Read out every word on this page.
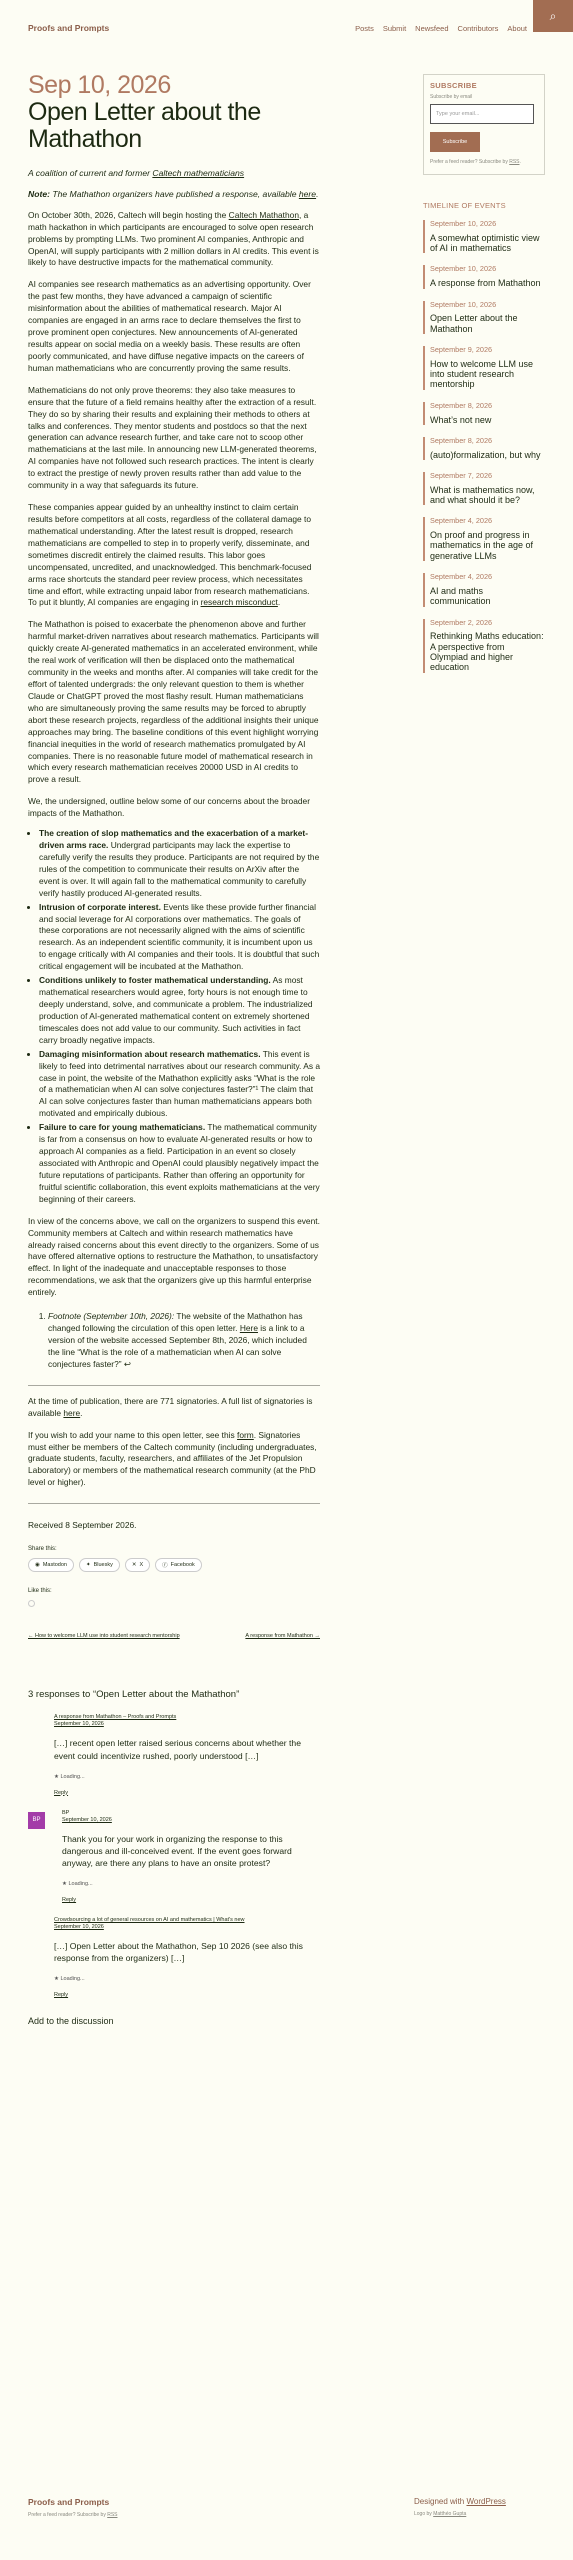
Proofs and Prompts	Posts Submit Newsfeed Contributors About
⌕
Sep 10, 2026
Open Letter about the Mathathon

A coalition of current and former Caltech mathematicians

Note: The Mathathon organizers have published a response, available here.

On October 30th, 2026, Caltech will begin hosting the Caltech Mathathon, a math hackathon in which participants are encouraged to solve open research problems by prompting LLMs. Two prominent AI companies, Anthropic and OpenAI, will supply participants with 2 million dollars in AI credits. This event is likely to have destructive impacts for the mathematical community.

AI companies see research mathematics as an advertising opportunity. Over the past few months, they have advanced a campaign of scientific misinformation about the abilities of mathematical research. Major AI companies are engaged in an arms race to declare themselves the first to prove prominent open conjectures. New announcements of AI-generated results appear on social media on a weekly basis. These results are often poorly communicated, and have diffuse negative impacts on the careers of human mathematicians who are concurrently proving the same results.

Mathematicians do not only prove theorems: they also take measures to ensure that the future of a field remains healthy after the extraction of a result. They do so by sharing their results and explaining their methods to others at talks and conferences. They mentor students and postdocs so that the next generation can advance research further, and take care not to scoop other mathematicians at the last mile. In announcing new LLM-generated theorems, AI companies have not followed such research practices. The intent is clearly to extract the prestige of newly proven results rather than add value to the community in a way that safeguards its future.

These companies appear guided by an unhealthy instinct to claim certain results before competitors at all costs, regardless of the collateral damage to mathematical understanding. After the latest result is dropped, research mathematicians are compelled to step in to properly verify, disseminate, and sometimes discredit entirely the claimed results. This labor goes uncompensated, uncredited, and unacknowledged. This benchmark-focused arms race shortcuts the standard peer review process, which necessitates time and effort, while extracting unpaid labor from research mathematicians. To put it bluntly, AI companies are engaging in research misconduct.

The Mathathon is poised to exacerbate the phenomenon above and further harmful market-driven narratives about research mathematics. Participants will quickly create AI-generated mathematics in an accelerated environment, while the real work of verification will then be displaced onto the mathematical community in the weeks and months after. AI companies will take credit for the effort of talented undergrads: the only relevant question to them is whether Claude or ChatGPT proved the most flashy result. Human mathematicians who are simultaneously proving the same results may be forced to abruptly abort these research projects, regardless of the additional insights their unique approaches may bring. The baseline conditions of this event highlight worrying financial inequities in the world of research mathematics promulgated by AI companies. There is no reasonable future model of mathematical research in which every research mathematician receives 20000 USD in AI credits to prove a result.

We, the undersigned, outline below some of our concerns about the broader impacts of the Mathathon.

• The creation of slop mathematics and the exacerbation of a market-driven arms race. Undergrad participants may lack the expertise to carefully verify the results they produce. Participants are not required by the rules of the competition to communicate their results on ArXiv after the event is over. It will again fall to the mathematical community to carefully verify hastily produced AI-generated results.
• Intrusion of corporate interest. Events like these provide further financial and social leverage for AI corporations over mathematics. The goals of these corporations are not necessarily aligned with the aims of scientific research. As an independent scientific community, it is incumbent upon us to engage critically with AI companies and their tools. It is doubtful that such critical engagement will be incubated at the Mathathon.
• Conditions unlikely to foster mathematical understanding. As most mathematical researchers would agree, forty hours is not enough time to deeply understand, solve, and communicate a problem. The industrialized production of AI-generated mathematical content on extremely shortened timescales does not add value to our community. Such activities in fact carry broadly negative impacts.
• Damaging misinformation about research mathematics. This event is likely to feed into detrimental narratives about our research community. As a case in point, the website of the Mathathon explicitly asks “What is the role of a mathematician when AI can solve conjectures faster?”¹ The claim that AI can solve conjectures faster than human mathematicians appears both motivated and empirically dubious.
• Failure to care for young mathematicians. The mathematical community is far from a consensus on how to evaluate AI-generated results or how to approach AI companies as a field. Participation in an event so closely associated with Anthropic and OpenAI could plausibly negatively impact the future reputations of participants. Rather than offering an opportunity for fruitful scientific collaboration, this event exploits mathematicians at the very beginning of their careers.

In view of the concerns above, we call on the organizers to suspend this event. Community members at Caltech and within research mathematics have already raised concerns about this event directly to the organizers. Some of us have offered alternative options to restructure the Mathathon, to unsatisfactory effect. In light of the inadequate and unacceptable responses to those recommendations, we ask that the organizers give up this harmful enterprise entirely.

1. Footnote (September 10th, 2026): The website of the Mathathon has changed following the circulation of this open letter. Here is a link to a version of the website accessed September 8th, 2026, which included the line “What is the role of a mathematician when AI can solve conjectures faster?” ↩

At the time of publication, there are 771 signatories. A full list of signatories is available here.

If you wish to add your name to this open letter, see this form. Signatories must either be members of the Caltech community (including undergraduates, graduate students, faculty, researchers, and affiliates of the Jet Propulsion Laboratory) or members of the mathematical research community (at the PhD level or higher).

Received 8 September 2026.

Share this:
◉ Mastodon	✦ Bluesky	✕ X	ⓕ Facebook
Like this:
← How to welcome LLM use into student research mentorship	A response from Mathathon →
3 responses to “Open Letter about the Mathathon”
A response from Mathathon – Proofs and Prompts
September 10, 2026

[…] recent open letter raised serious concerns about whether the event could incentivize rushed, poorly understood […]

★ Loading...
Reply
BP
BP
September 10, 2026

Thank you for your work in organizing the response to this dangerous and ill-conceived event. If the event goes forward anyway, are there any plans to have an onsite protest?

★ Loading...
Reply
Crowdsourcing a lot of general resources on AI and mathematics | What's new
September 10, 2026

[…] Open Letter about the Mathathon, Sep 10 2026 (see also this response from the organizers) […]

★ Loading...
Reply
Add to the discussion
SUBSCRIBE
Subscribe by email
Type your email...
Subscribe
Prefer a feed reader? Subscribe by RSS.
TIMELINE OF EVENTS
September 10, 2026
A somewhat optimistic view of AI in mathematics
September 10, 2026
A response from Mathathon
September 10, 2026
Open Letter about the Mathathon
September 9, 2026
How to welcome LLM use into student research mentorship
September 8, 2026
What’s not new
September 8, 2026
(auto)formalization, but why
September 7, 2026
What is mathematics now, and what should it be?
September 4, 2026
On proof and progress in mathematics in the age of generative LLMs
September 4, 2026
AI and maths communication
September 2, 2026
Rethinking Maths education: A perspective from Olympiad and higher education
Proofs and Prompts
Prefer a feed reader? Subscribe by RSS
Designed with WordPress
Logo by Matthéo Gupta
